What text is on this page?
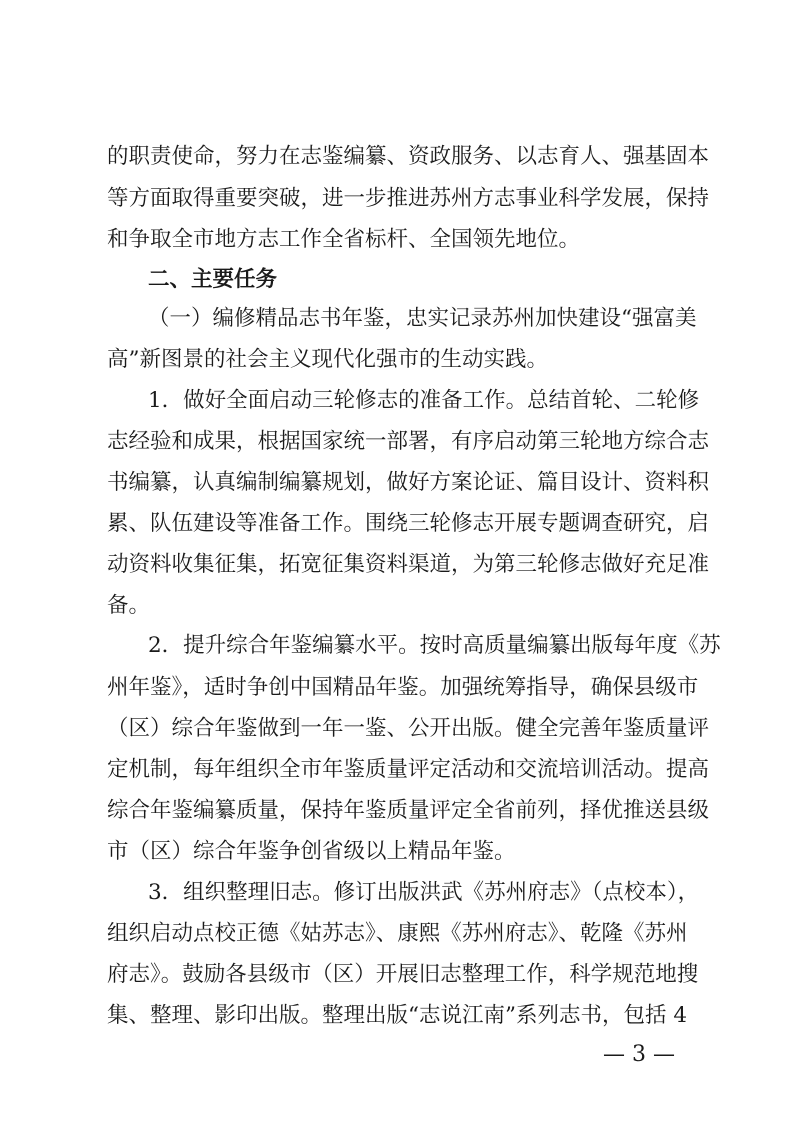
的职责使命，努力在志鉴编纂、资政服务、以志育人、强基固本
等方面取得重要突破，进一步推进苏州方志事业科学发展，保持
和争取全市地方志工作全省标杆、全国领先地位。
二、主要任务
（一）编修精品志书年鉴，忠实记录苏州加快建设“强富美
高”新图景的社会主义现代化强市的生动实践。
1．做好全面启动三轮修志的准备工作。总结首轮、二轮修
志经验和成果，根据国家统一部署，有序启动第三轮地方综合志
书编纂，认真编制编纂规划，做好方案论证、篇目设计、资料积
累、队伍建设等准备工作。围绕三轮修志开展专题调查研究，启
动资料收集征集，拓宽征集资料渠道，为第三轮修志做好充足准
备。
2．提升综合年鉴编纂水平。按时高质量编纂出版每年度《苏
州年鉴》，适时争创中国精品年鉴。加强统筹指导，确保县级市
（区）综合年鉴做到一年一鉴、公开出版。健全完善年鉴质量评
定机制，每年组织全市年鉴质量评定活动和交流培训活动。提高
综合年鉴编纂质量，保持年鉴质量评定全省前列，择优推送县级
市（区）综合年鉴争创省级以上精品年鉴。
3．组织整理旧志。修订出版洪武《苏州府志》（点校本），
组织启动点校正德《姑苏志》、康熙《苏州府志》、乾隆《苏州
府志》。鼓励各县级市（区）开展旧志整理工作，科学规范地搜
集、整理、影印出版。整理出版“志说江南”系列志书，包括 4
— 3 —
